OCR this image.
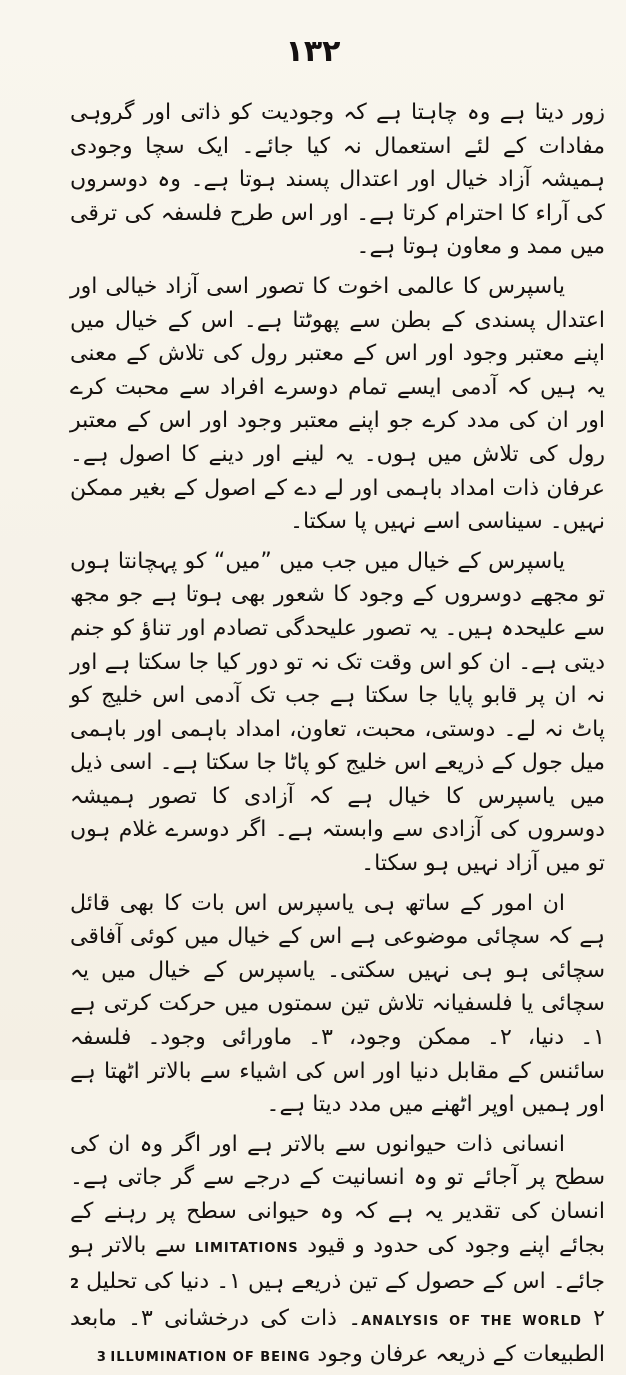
۱۳۲

زور دیتا ہے وہ چاہتا ہے کہ وجودیت کو ذاتی اور گروہی مفادات کے لئے استعمال نہ کیا جائے۔ ایک سچا وجودی ہمیشہ آزاد خیال اور اعتدال پسند ہوتا ہے۔ وہ دوسروں کی آراء کا احترام کرتا ہے۔ اور اس طرح فلسفہ کی ترقی میں ممد و معاون ہوتا ہے۔

یاسپرس کا عالمی اخوت کا تصور اسی آزاد خیالی اور اعتدال پسندی کے بطن سے پھوٹتا ہے۔ اس کے خیال میں اپنے معتبر وجود اور اس کے معتبر رول کی تلاش کے معنی یہ ہیں کہ آدمی ایسے تمام دوسرے افراد سے محبت کرے اور ان کی مدد کرے جو اپنے معتبر وجود اور اس کے معتبر رول کی تلاش میں ہوں۔ یہ لینے اور دینے کا اصول ہے۔ عرفان ذات امداد باہمی اور لے دے کے اصول کے بغیر ممکن نہیں۔ سیناسی اسے نہیں پا سکتا۔

یاسپرس کے خیال میں جب میں ”میں“ کو پہچانتا ہوں تو مجھے دوسروں کے وجود کا شعور بھی ہوتا ہے جو مجھ سے علیحدہ ہیں۔ یہ تصور علیحدگی تصادم اور تناؤ کو جنم دیتی ہے۔ ان کو اس وقت تک نہ تو دور کیا جا سکتا ہے اور نہ ان پر قابو پایا جا سکتا ہے جب تک آدمی اس خلیج کو پاٹ نہ لے۔ دوستی، محبت، تعاون، امداد باہمی اور باہمی میل جول کے ذریعے اس خلیج کو پاٹا جا سکتا ہے۔ اسی ذیل میں یاسپرس کا خیال ہے کہ آزادی کا تصور ہمیشہ دوسروں کی آزادی سے وابستہ ہے۔ اگر دوسرے غلام ہوں تو میں آزاد نہیں ہو سکتا۔

ان امور کے ساتھ ہی یاسپرس اس بات کا بھی قائل ہے کہ سچائی موضوعی ہے اس کے خیال میں کوئی آفاقی سچائی ہو ہی نہیں سکتی۔ یاسپرس کے خیال میں یہ سچائی یا فلسفیانہ تلاش تین سمتوں میں حرکت کرتی ہے ۱۔ دنیا، ۲۔ ممکن وجود، ۳۔ ماورائی وجود۔ فلسفہ سائنس کے مقابل دنیا اور اس کی اشیاء سے بالاتر اٹھتا ہے اور ہمیں اوپر اٹھنے میں مدد دیتا ہے۔

انسانی ذات حیوانوں سے بالاتر ہے اور اگر وہ ان کی سطح پر آجائے تو وہ انسانیت کے درجے سے گر جاتی ہے۔ انسان کی تقدیر یہ ہے کہ وہ حیوانی سطح پر رہنے کے بجائے اپنے وجود کی حدود و قیود LIMITATIONS سے بالاتر ہو جائے۔ اس کے حصول کے تین ذریعے ہیں ۱۔ دنیا کی تحلیل 2 ANALYSIS OF THE WORLD ۲۔ ذات کی درخشانی ۳۔ مابعد الطبیعات کے ذریعہ عرفان وجود 3 ILLUMINATION OF BEING
